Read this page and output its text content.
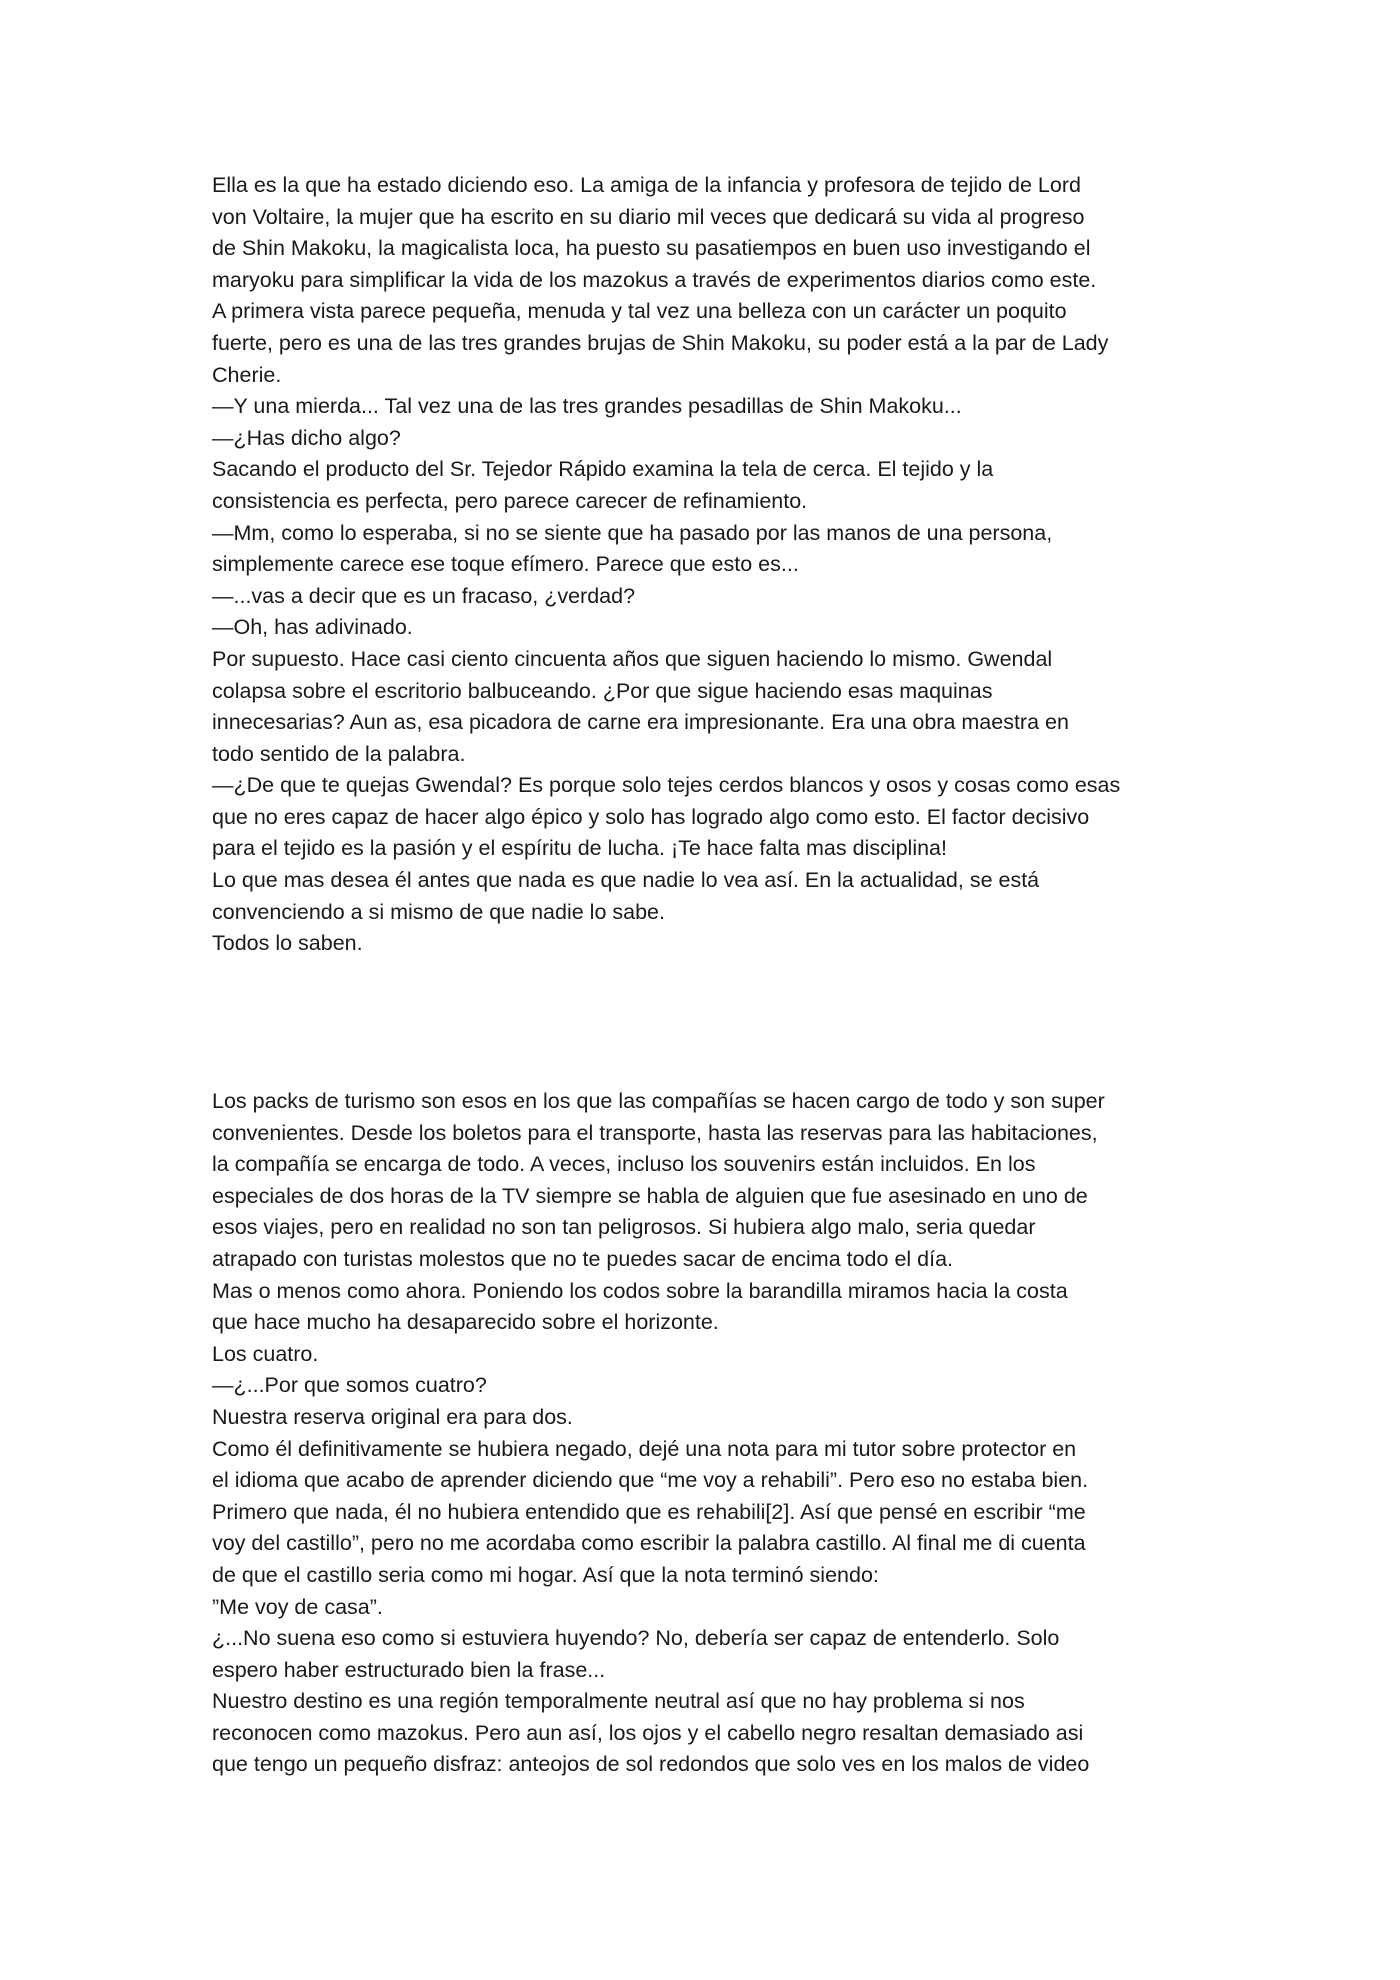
Ella es la que ha estado diciendo eso. La amiga de la infancia y profesora de tejido de Lord
von Voltaire, la mujer que ha escrito en su diario mil veces que dedicará su vida al progreso
de Shin Makoku, la magicalista loca, ha puesto su pasatiempos en buen uso investigando el
maryoku para simplificar la vida de los mazokus a través de experimentos diarios como este.
A primera vista parece pequeña, menuda y tal vez una belleza con un carácter un poquito
fuerte, pero es una de las tres grandes brujas de Shin Makoku, su poder está a la par de Lady
Cherie.
—Y una mierda... Tal vez una de las tres grandes pesadillas de Shin Makoku...
—¿Has dicho algo?
Sacando el producto del Sr. Tejedor Rápido examina la tela de cerca. El tejido y la
consistencia es perfecta, pero parece carecer de refinamiento.
—Mm, como lo esperaba, si no se siente que ha pasado por las manos de una persona,
simplemente carece ese toque efímero. Parece que esto es...
—...vas a decir que es un fracaso, ¿verdad?
—Oh, has adivinado.
Por supuesto. Hace casi ciento cincuenta años que siguen haciendo lo mismo. Gwendal
colapsa sobre el escritorio balbuceando. ¿Por que sigue haciendo esas maquinas
innecesarias? Aun as, esa picadora de carne era impresionante. Era una obra maestra en
todo sentido de la palabra.
—¿De que te quejas Gwendal? Es porque solo tejes cerdos blancos y osos y cosas como esas
que no eres capaz de hacer algo épico y solo has logrado algo como esto. El factor decisivo
para el tejido es la pasión y el espíritu de lucha. ¡Te hace falta mas disciplina!
Lo que mas desea él antes que nada es que nadie lo vea así. En la actualidad, se está
convenciendo a si mismo de que nadie lo sabe.
Todos lo saben.
Los packs de turismo son esos en los que las compañías se hacen cargo de todo y son super
convenientes. Desde los boletos para el transporte, hasta las reservas para las habitaciones,
la compañía se encarga de todo. A veces, incluso los souvenirs están incluidos. En los
especiales de dos horas de la TV siempre se habla de alguien que fue asesinado en uno de
esos viajes, pero en realidad no son tan peligrosos. Si hubiera algo malo, seria quedar
atrapado con turistas molestos que no te puedes sacar de encima todo el día.
Mas o menos como ahora. Poniendo los codos sobre la barandilla miramos hacia la costa
que hace mucho ha desaparecido sobre el horizonte.
Los cuatro.
—¿...Por que somos cuatro?
Nuestra reserva original era para dos.
Como él definitivamente se hubiera negado, dejé una nota para mi tutor sobre protector en
el idioma que acabo de aprender diciendo que “me voy a rehabili”. Pero eso no estaba bien.
Primero que nada, él no hubiera entendido que es rehabili[2]. Así que pensé en escribir “me
voy del castillo”, pero no me acordaba como escribir la palabra castillo. Al final me di cuenta
de que el castillo seria como mi hogar. Así que la nota terminó siendo:
”Me voy de casa”.
¿...No suena eso como si estuviera huyendo? No, debería ser capaz de entenderlo. Solo
espero haber estructurado bien la frase...
Nuestro destino es una región temporalmente neutral así que no hay problema si nos
reconocen como mazokus. Pero aun así, los ojos y el cabello negro resaltan demasiado asi
que tengo un pequeño disfraz: anteojos de sol redondos que solo ves en los malos de video
